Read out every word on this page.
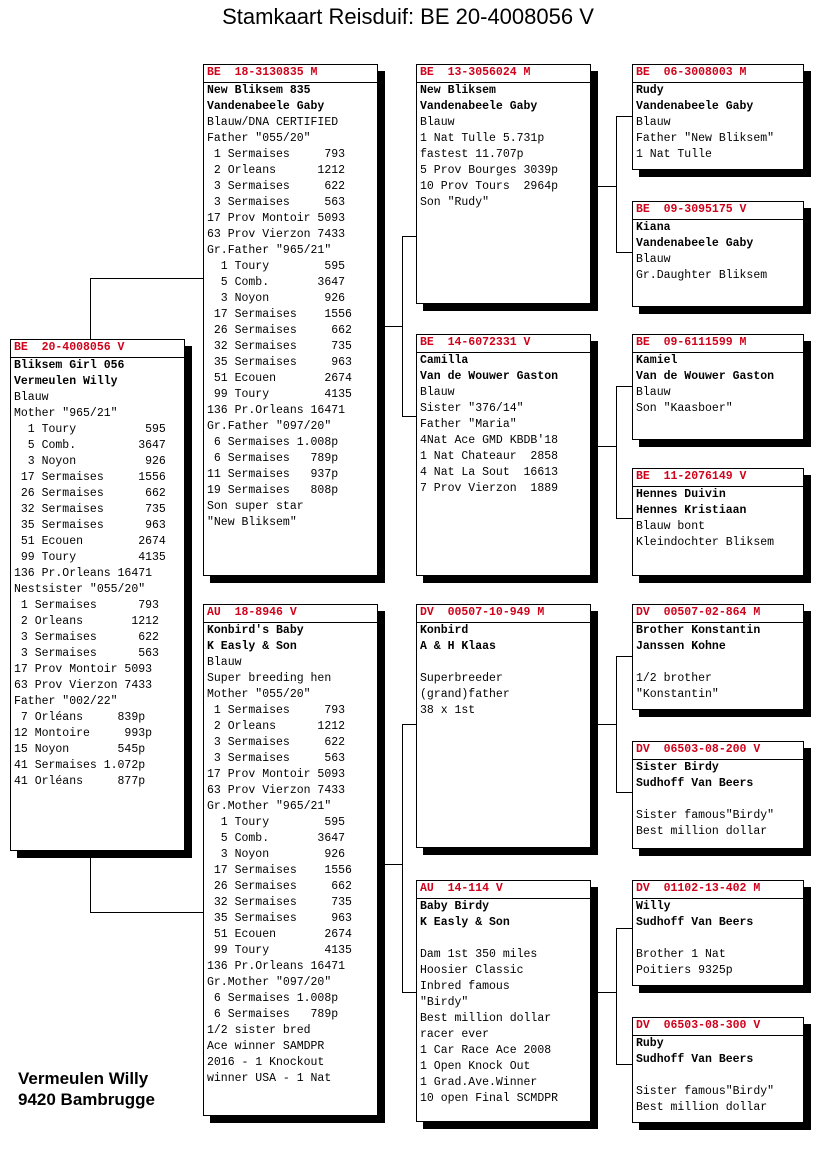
Stamkaart Reisduif: BE 20-4008056 V
BE  20-4008056 V
Bliksem Girl 056
Vermeulen Willy
Blauw
Mother "965/21"
1 Toury          595
5 Comb.         3647
3 Noyon          926
17 Sermaises     1556
26 Sermaises      662
32 Sermaises      735
35 Sermaises      963
51 Ecouen        2674
99 Toury         4135
136 Pr.Orleans 16471
Nestsister "055/20"
1 Sermaises      793
2 Orleans       1212
3 Sermaises      622
3 Sermaises      563
17 Prov Montoir 5093
63 Prov Vierzon 7433
Father "002/22"
7 Orléans     839p
12 Montoire     993p
15 Noyon       545p
41 Sermaises 1.072p
41 Orléans     877p
BE  18-3130835 M
New Bliksem 835
Vandenabeele Gaby
Blauw/DNA CERTIFIED
Father "055/20"
1 Sermaises     793
2 Orleans      1212
3 Sermaises     622
3 Sermaises     563
17 Prov Montoir 5093
63 Prov Vierzon 7433
Gr.Father "965/21"
1 Toury        595
5 Comb.       3647
3 Noyon        926
17 Sermaises    1556
26 Sermaises     662
32 Sermaises     735
35 Sermaises     963
51 Ecouen       2674
99 Toury        4135
136 Pr.Orleans 16471
Gr.Father "097/20"
6 Sermaises 1.008p
6 Sermaises   789p
11 Sermaises   937p
19 Sermaises   808p
Son super star
"New Bliksem"
AU  18-8946 V
Konbird's Baby
K Easly & Son
Blauw
Super breeding hen
Mother "055/20"
1 Sermaises     793
2 Orleans      1212
3 Sermaises     622
3 Sermaises     563
17 Prov Montoir 5093
63 Prov Vierzon 7433
Gr.Mother "965/21"
1 Toury        595
5 Comb.       3647
3 Noyon        926
17 Sermaises    1556
26 Sermaises     662
32 Sermaises     735
35 Sermaises     963
51 Ecouen       2674
99 Toury        4135
136 Pr.Orleans 16471
Gr.Mother "097/20"
6 Sermaises 1.008p
6 Sermaises   789p
1/2 sister bred
Ace winner SAMDPR
2016 - 1 Knockout
winner USA - 1 Nat
BE  13-3056024 M
New Bliksem
Vandenabeele Gaby
Blauw
1 Nat Tulle 5.731p
fastest 11.707p
5 Prov Bourges 3039p
10 Prov Tours  2964p
Son "Rudy"
BE  14-6072331 V
Camilla
Van de Wouwer Gaston
Blauw
Sister "376/14"
Father "Maria"
4Nat Ace GMD KBDB'18
1 Nat Chateaur  2858
4 Nat La Sout  16613
7 Prov Vierzon  1889
DV  00507-10-949 M
Konbird
A & H Klaas
Superbreeder
(grand)father
38 x 1st
AU  14-114 V
Baby Birdy
K Easly & Son
Dam 1st 350 miles
Hoosier Classic
Inbred famous
"Birdy"
Best million dollar
racer ever
1 Car Race Ace 2008
1 Open Knock Out
1 Grad.Ave.Winner
10 open Final SCMDPR
BE  06-3008003 M
Rudy
Vandenabeele Gaby
Blauw
Father "New Bliksem"
1 Nat Tulle
BE  09-3095175 V
Kiana
Vandenabeele Gaby
Blauw
Gr.Daughter Bliksem
BE  09-6111599 M
Kamiel
Van de Wouwer Gaston
Blauw
Son "Kaasboer"
BE  11-2076149 V
Hennes Duivin
Hennes Kristiaan
Blauw bont
Kleindochter Bliksem
DV  00507-02-864 M
Brother Konstantin
Janssen Kohne
1/2 brother
"Konstantin"
DV  06503-08-200 V
Sister Birdy
Sudhoff Van Beers
Sister famous"Birdy"
Best million dollar
DV  01102-13-402 M
Willy
Sudhoff Van Beers
Brother 1 Nat
Poitiers 9325p
DV  06503-08-300 V
Ruby
Sudhoff Van Beers
Sister famous"Birdy"
Best million dollar
Vermeulen Willy
9420 Bambrugge
